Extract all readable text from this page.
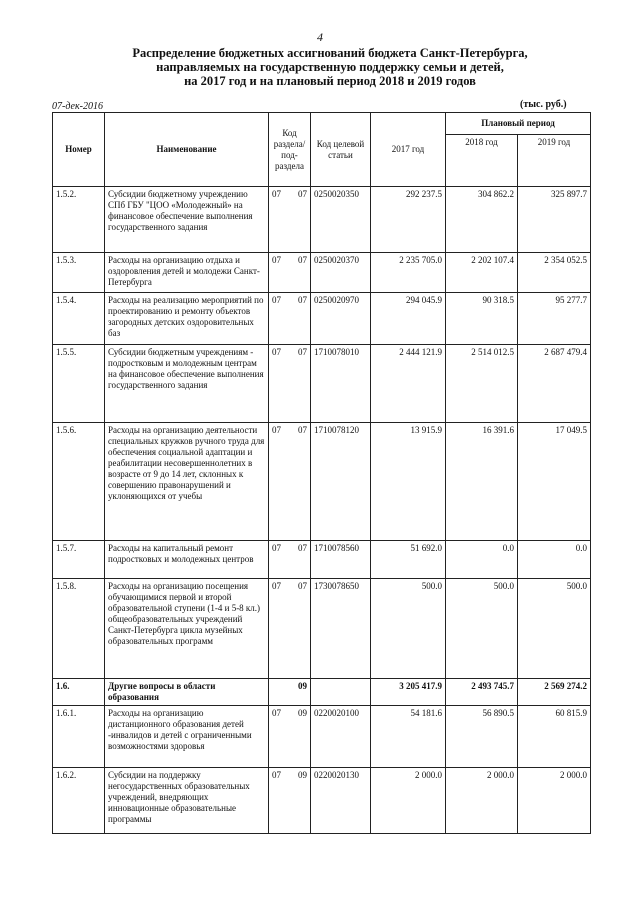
4
Распределение бюджетных ассигнований бюджета Санкт-Петербурга,
направляемых на государственную поддержку семьи и детей,
на 2017 год и на плановый период 2018 и 2019 годов
07-дек-2016	(тыс. руб.)
Номер	Наименование	Код раздела/ под-раздела	Код целевой статьи	2017 год	Плановый период	
					2018 год	2019 год
1.5.2.	Субсидии бюджетному учреждению СПб ГБУ "ЦОО «Молодежный» на финансовое обеспечение выполнения государственного задания	07 07	0250020350	292 237.5	304 862.2	325 897.7
1.5.3.	Расходы на организацию отдыха и оздоровления детей и молодежи Санкт-Петербурга	07 07	0250020370	2 235 705.0	2 202 107.4	2 354 052.5
1.5.4.	Расходы на реализацию мероприятий по проектированию и ремонту объектов загородных детских оздоровительных баз	07 07	0250020970	294 045.9	90 318.5	95 277.7
1.5.5.	Субсидии бюджетным учреждениям - подростковым и молодежным центрам на финансовое обеспечение выполнения государственного задания	07 07	1710078010	2 444 121.9	2 514 012.5	2 687 479.4
1.5.6.	Расходы на организацию деятельности специальных кружков ручного труда для обеспечения социальной адаптации и реабилитации несовершеннолетних в возрасте от 9 до 14 лет, склонных к совершению правонарушений и уклоняющихся от учебы	07 07	1710078120	13 915.9	16 391.6	17 049.5
1.5.7.	Расходы на капитальный ремонт подростковых и молодежных центров	07 07	1710078560	51 692.0	0.0	0.0
1.5.8.	Расходы на организацию посещения обучающимися первой и второй образовательной ступени (1-4 и 5-8 кл.) общеобразовательных учреждений Санкт-Петербурга цикла музейных образовательных программ	07 07	1730078650	500.0	500.0	500.0
1.6.	Другие вопросы в области образования	09		3 205 417.9	2 493 745.7	2 569 274.2
1.6.1.	Расходы на организацию дистанционного образования детей -инвалидов и детей с ограниченными возможностями здоровья	07 09	0220020100	54 181.6	56 890.5	60 815.9
1.6.2.	Субсидии на поддержку негосударственных образовательных учреждений, внедряющих инновационные образовательные программы	07 09	0220020130	2 000.0	2 000.0	2 000.0
